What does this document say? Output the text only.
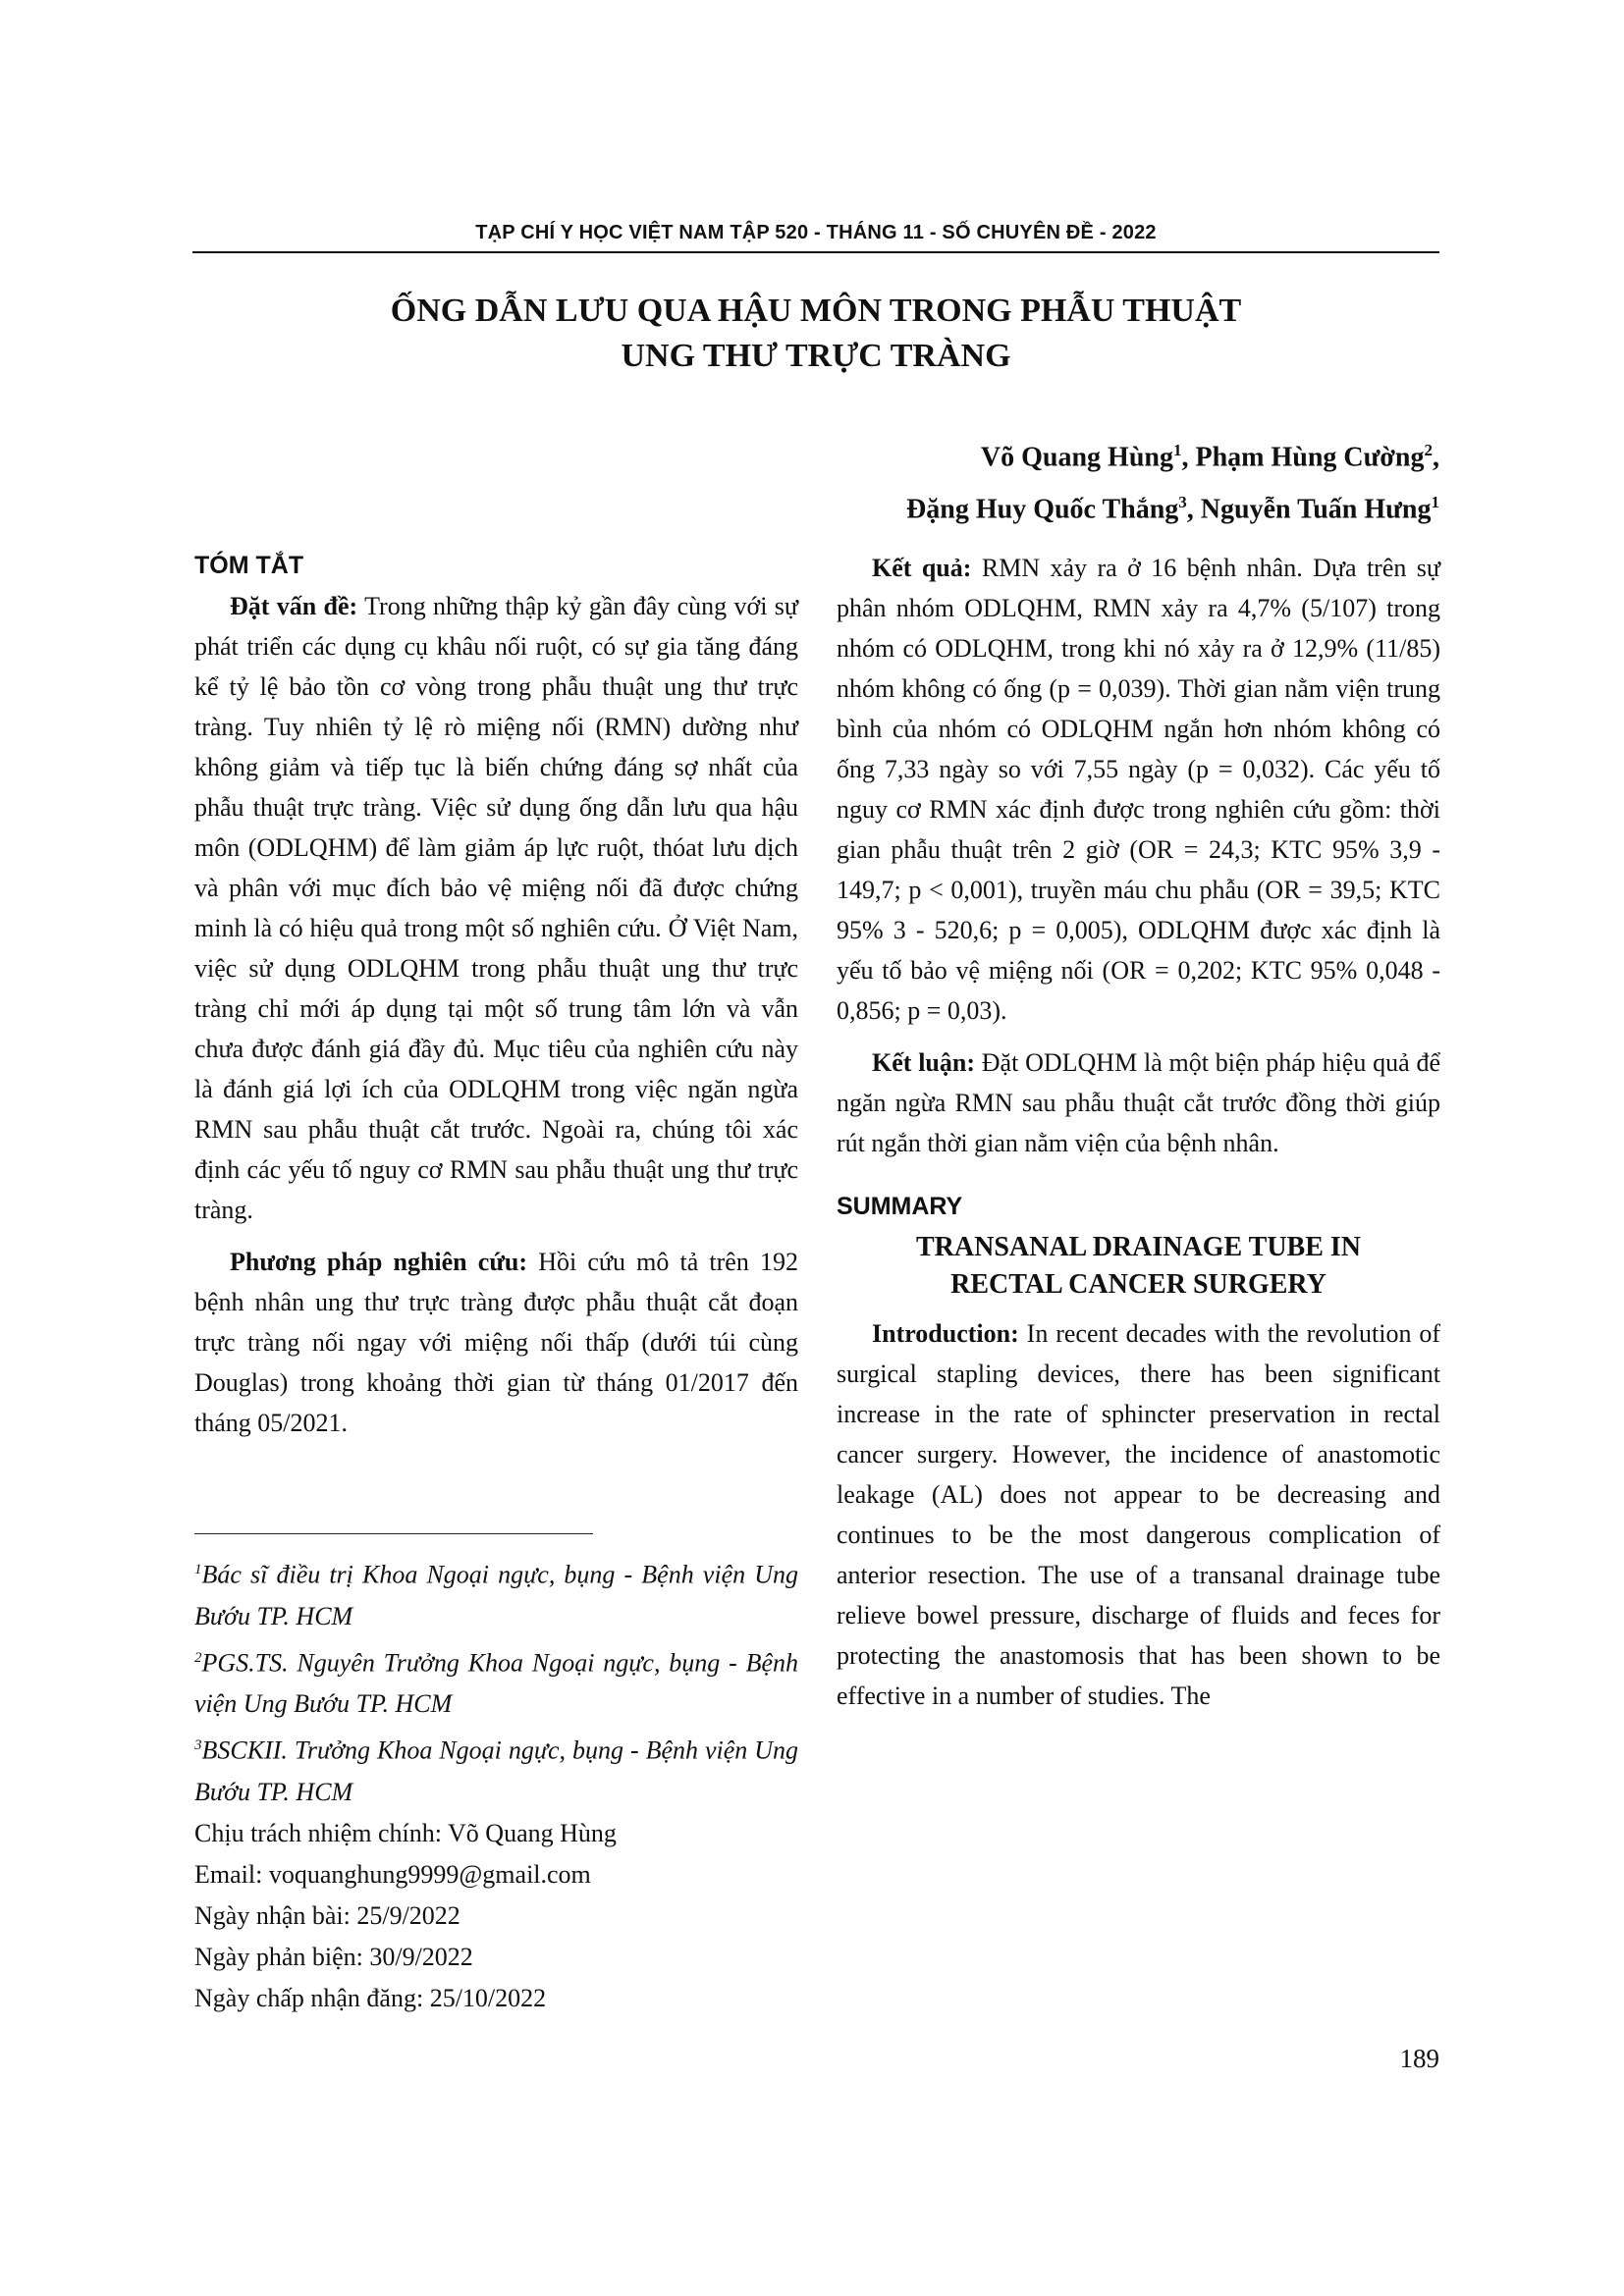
TẠP CHÍ Y HỌC VIỆT NAM TẬP 520 - THÁNG 11 - SỐ CHUYÊN ĐỀ - 2022
ỐNG DẪN LƯU QUA HẬU MÔN TRONG PHẪU THUẬT
UNG THƯ TRỰC TRÀNG
Võ Quang Hùng$^1$, Phạm Hùng Cường$^2$,
Đặng Huy Quốc Thắng$^3$, Nguyễn Tuấn Hưng$^1$
TÓM TẮT

Đặt vấn đề: Trong những thập kỷ gần đây cùng với sự phát triển các dụng cụ khâu nối ruột, có sự gia tăng đáng kể tỷ lệ bảo tồn cơ vòng trong phẫu thuật ung thư trực tràng. Tuy nhiên tỷ lệ rò miệng nối (RMN) dường như không giảm và tiếp tục là biến chứng đáng sợ nhất của phẫu thuật trực tràng. Việc sử dụng ống dẫn lưu qua hậu môn (ODLQHM) để làm giảm áp lực ruột, thóat lưu dịch và phân với mục đích bảo vệ miệng nối đã được chứng minh là có hiệu quả trong một số nghiên cứu. Ở Việt Nam, việc sử dụng ODLQHM trong phẫu thuật ung thư trực tràng chỉ mới áp dụng tại một số trung tâm lớn và vẫn chưa được đánh giá đầy đủ. Mục tiêu của nghiên cứu này là đánh giá lợi ích của ODLQHM trong việc ngăn ngừa RMN sau phẫu thuật cắt trước. Ngoài ra, chúng tôi xác định các yếu tố nguy cơ RMN sau phẫu thuật ung thư trực tràng.

Phương pháp nghiên cứu: Hồi cứu mô tả trên 192 bệnh nhân ung thư trực tràng được phẫu thuật cắt đoạn trực tràng nối ngay với miệng nối thấp (dưới túi cùng Douglas) trong khoảng thời gian từ tháng 01/2017 đến tháng 05/2021.

Kết quả: RMN xảy ra ở 16 bệnh nhân. Dựa trên sự phân nhóm ODLQHM, RMN xảy ra 4,7% (5/107) trong nhóm có ODLQHM, trong khi nó xảy ra ở 12,9% (11/85) nhóm không có ống (p = 0,039). Thời gian nằm viện trung bình của nhóm có ODLQHM ngắn hơn nhóm không có ống 7,33 ngày so với 7,55 ngày (p = 0,032). Các yếu tố nguy cơ RMN xác định được trong nghiên cứu gồm: thời gian phẫu thuật trên 2 giờ (OR = 24,3; KTC 95% 3,9 - 149,7; p < 0,001), truyền máu chu phẫu (OR = 39,5; KTC 95% 3 - 520,6; p = 0,005), ODLQHM được xác định là yếu tố bảo vệ miệng nối (OR = 0,202; KTC 95% 0,048 - 0,856; p = 0,03).

Kết luận: Đặt ODLQHM là một biện pháp hiệu quả để ngăn ngừa RMN sau phẫu thuật cắt trước đồng thời giúp rút ngắn thời gian nằm viện của bệnh nhân.

SUMMARY
TRANSANAL DRAINAGE TUBE IN
RECTAL CANCER SURGERY

Introduction: In recent decades with the revolution of surgical stapling devices, there has been significant increase in the rate of sphincter preservation in rectal cancer surgery. However, the incidence of anastomotic leakage (AL) does not appear to be decreasing and continues to be the most dangerous complication of anterior resection. The use of a transanal drainage tube relieve bowel pressure, discharge of fluids and feces for protecting the anastomosis that has been shown to be effective in a number of studies. The

$^1$Bác sĩ điều trị Khoa Ngoại ngực, bụng - Bệnh viện Ung Bướu TP. HCM
$^2$PGS.TS. Nguyên Trưởng Khoa Ngoại ngực, bụng - Bệnh viện Ung Bướu TP. HCM
$^3$BSCKII. Trưởng Khoa Ngoại ngực, bụng - Bệnh viện Ung Bướu TP. HCM
Chịu trách nhiệm chính: Võ Quang Hùng
Email: voquanghung9999@gmail.com
Ngày nhận bài: 25/9/2022
Ngày phản biện: 30/9/2022
Ngày chấp nhận đăng: 25/10/2022
189
